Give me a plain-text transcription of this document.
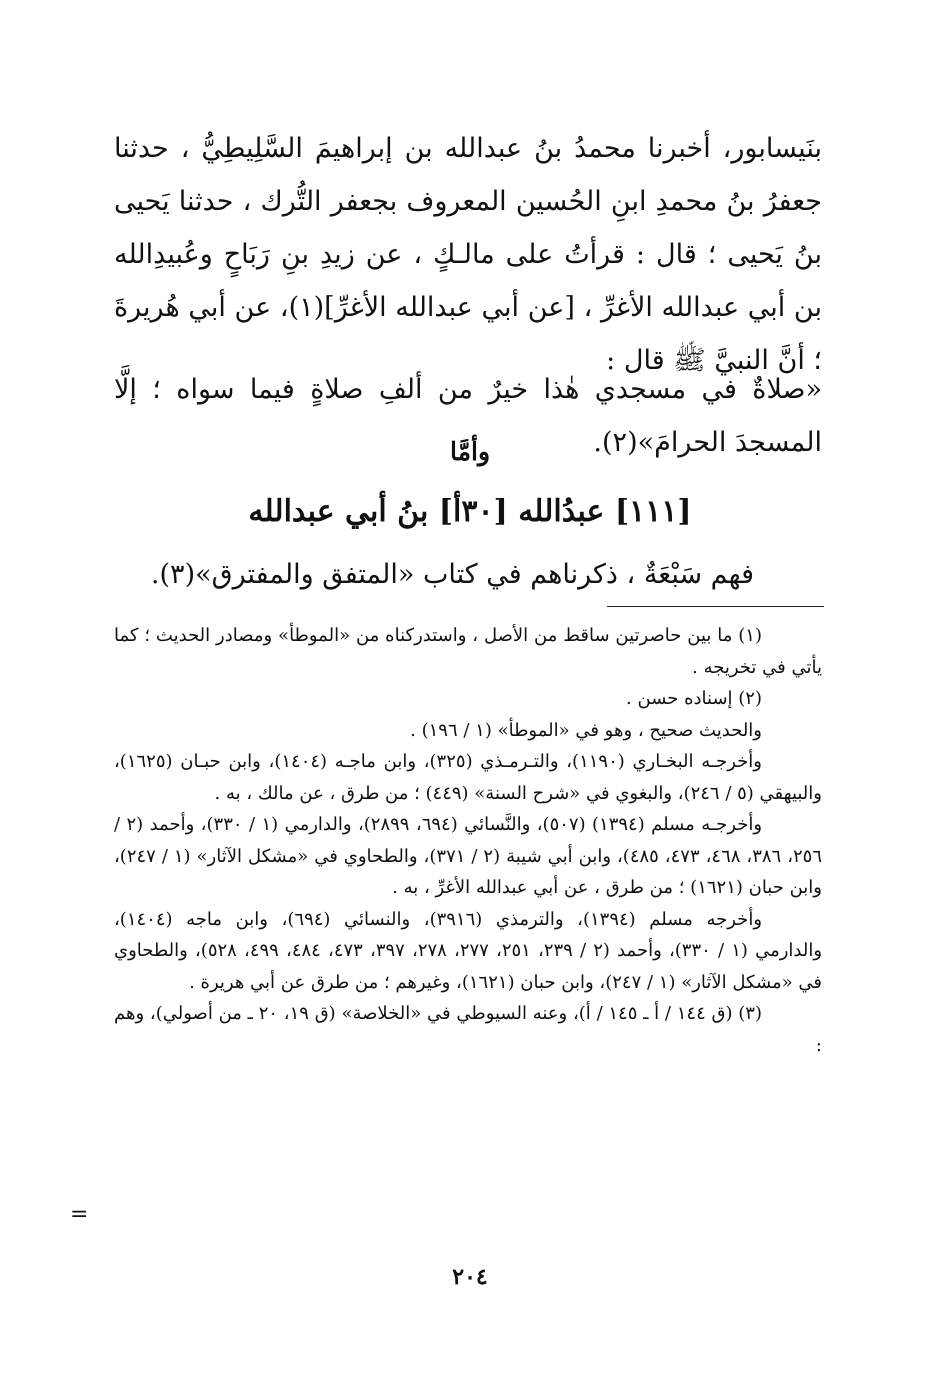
بنَيسابور، أخبرنا محمدُ بنُ عبدالله بن إبراهيمَ السَّلِيطِيُّ ، حدثنا جعفرُ بنُ محمدِ ابنِ الحُسين المعروف بجعفر التُّرك ، حدثنا يَحيى بنُ يَحيى ؛ قال : قرأتُ على مالـكٍ ، عن زيدِ بنِ رَبَاحٍ وعُبيدِالله بن أبي عبدالله الأغرِّ ، [عن أبي عبدالله الأغرِّ](١)، عن أبي هُريرةَ ؛ أنَّ النبيَّ ﷺ قال :

«صلاةٌ في مسجدي هٰذا خيرٌ من ألفِ صلاةٍ فيما سواه ؛ إلَّا المسجدَ الحرامَ»(٢).

وأمَّا

[١١١] عبدُالله [٣٠أ] بنُ أبي عبدالله

فهم سَبْعَةٌ ، ذكرناهم في كتاب «المتفق والمفترق»(٣).

(١) ما بين حاصرتين ساقط من الأصل ، واستدركناه من «الموطأ» ومصادر الحديث ؛ كما يأتي في تخريجه .

(٢) إسناده حسن .

والحديث صحيح ، وهو في «الموطأ» (١ / ١٩٦) .

وأخرجـه البخـاري (١١٩٠)، والتـرمـذي (٣٢٥)، وابن ماجـه (١٤٠٤)، وابن حبـان (١٦٢٥)، والبيهقي (٥ / ٢٤٦)، والبغوي في «شرح السنة» (٤٤٩) ؛ من طرق ، عن مالك ، به .

وأخرجـه مسلم (١٣٩٤) (٥٠٧)، والنَّسائي (٦٩٤، ٢٨٩٩)، والدارمي (١ / ٣٣٠)، وأحمد (٢ / ٢٥٦، ٣٨٦، ٤٦٨، ٤٧٣، ٤٨٥)، وابن أبي شيبة (٢ / ٣٧١)، والطحاوي في «مشكل الآثار» (١ / ٢٤٧)، وابن حبان (١٦٢١) ؛ من طرق ، عن أبي عبدالله الأغرِّ ، به .

وأخرجه مسلم (١٣٩٤)، والترمذي (٣٩١٦)، والنسائي (٦٩٤)، وابن ماجه (١٤٠٤)، والدارمي (١ / ٣٣٠)، وأحمد (٢ / ٢٣٩، ٢٥١، ٢٧٧، ٢٧٨، ٣٩٧، ٤٧٣، ٤٨٤، ٤٩٩، ٥٢٨)، والطحاوي في «مشكل الآثار» (١ / ٢٤٧)، وابن حبان (١٦٢١)، وغيرهم ؛ من طرق عن أبي هريرة .

(٣) (ق ١٤٤ / أ ـ ١٤٥ / أ)، وعنه السيوطي في «الخلاصة» (ق ١٩، ٢٠ ـ من أصولي)، وهم :

=

٢٠٤
